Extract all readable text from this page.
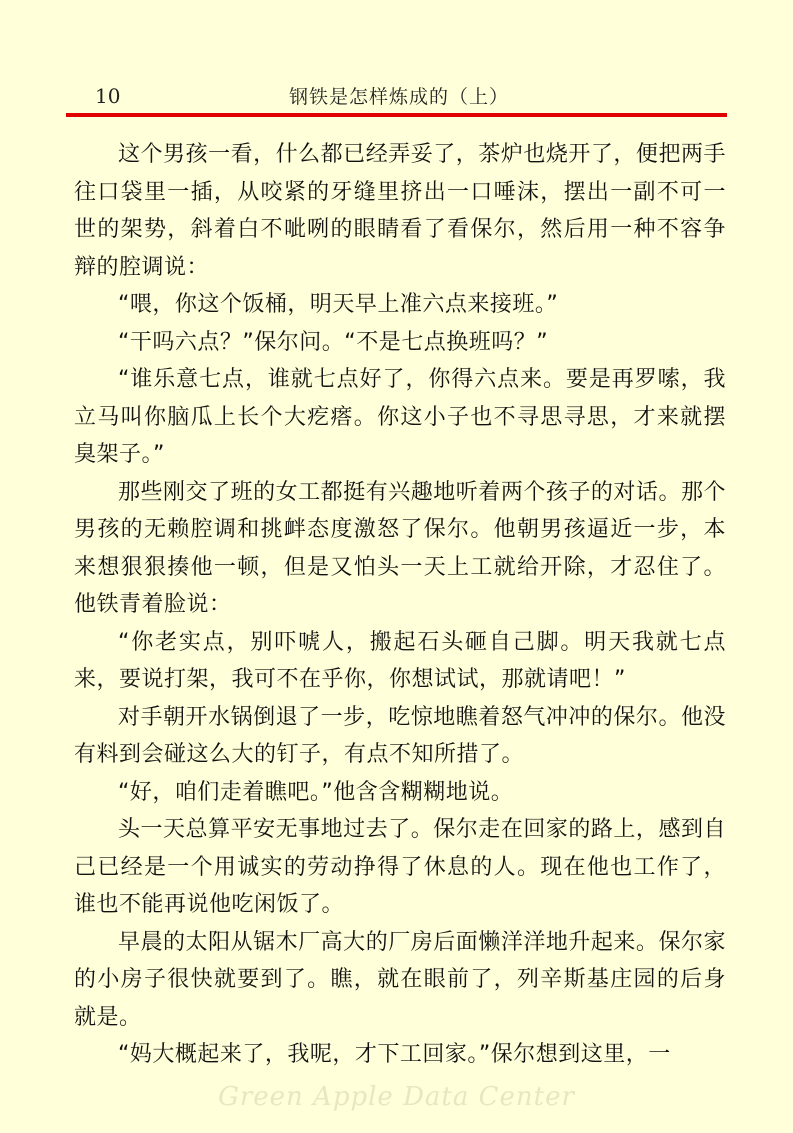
10	钢铁是怎样炼成的（上）

这个男孩一看，什么都已经弄妥了，茶炉也烧开了，便把两手往口袋里一插，从咬紧的牙缝里挤出一口唾沫，摆出一副不可一世的架势，斜着白不呲咧的眼睛看了看保尔，然后用一种不容争辩的腔调说：

“喂，你这个饭桶，明天早上准六点来接班。”

“干吗六点？”保尔问。“不是七点换班吗？”

“谁乐意七点，谁就七点好了，你得六点来。要是再罗嗦，我立马叫你脑瓜上长个大疙瘩。你这小子也不寻思寻思，才来就摆臭架子。”

那些刚交了班的女工都挺有兴趣地听着两个孩子的对话。那个男孩的无赖腔调和挑衅态度激怒了保尔。他朝男孩逼近一步，本来想狠狠揍他一顿，但是又怕头一天上工就给开除，才忍住了。他铁青着脸说：

“你老实点，别吓唬人，搬起石头砸自己脚。明天我就七点来，要说打架，我可不在乎你，你想试试，那就请吧！”

对手朝开水锅倒退了一步，吃惊地瞧着怒气冲冲的保尔。他没有料到会碰这么大的钉子，有点不知所措了。

“好，咱们走着瞧吧。”他含含糊糊地说。

头一天总算平安无事地过去了。保尔走在回家的路上，感到自己已经是一个用诚实的劳动挣得了休息的人。现在他也工作了，谁也不能再说他吃闲饭了。

早晨的太阳从锯木厂高大的厂房后面懒洋洋地升起来。保尔家的小房子很快就要到了。瞧，就在眼前了，列辛斯基庄园的后身就是。

“妈大概起来了，我呢，才下工回家。”保尔想到这里，一

Green Apple Data Center
